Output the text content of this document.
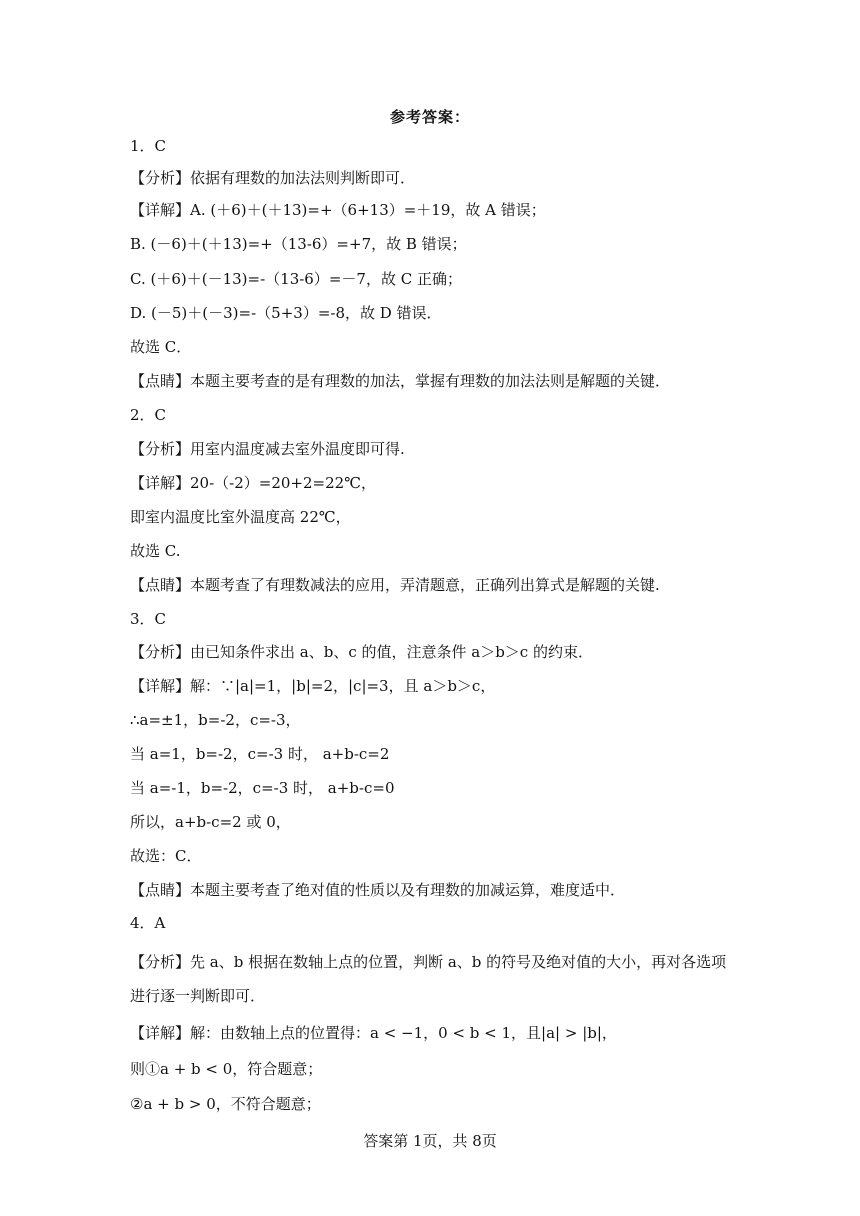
参考答案：
1．C
【分析】依据有理数的加法法则判断即可．
【详解】A. (＋6)＋(＋13)=+（6+13）=＋19，故 A 错误；
B. (－6)＋(＋13)=+（13-6）=+7，故 B 错误；
C. (＋6)＋(－13)=-（13-6）=－7，故 C 正确；
D. (－5)＋(－3)=-（5+3）=-8，故 D 错误．
故选 C．
【点睛】本题主要考查的是有理数的加法，掌握有理数的加法法则是解题的关键．
2．C
【分析】用室内温度减去室外温度即可得.
【详解】20-（-2）=20+2=22℃，
即室内温度比室外温度高 22℃，
故选 C.
【点睛】本题考查了有理数减法的应用，弄清题意，正确列出算式是解题的关键.
3．C
【分析】由已知条件求出 a、b、c 的值，注意条件 a＞b＞c 的约束．
【详解】解：∵|a|=1，|b|=2，|c|=3，且 a＞b＞c，
∴a=±1，b=-2，c=-3，
当 a=1，b=-2，c=-3 时， a+b-c=2
当 a=-1，b=-2，c=-3 时， a+b-c=0
所以，a+b-c=2 或 0，
故选：C．
【点睛】本题主要考查了绝对值的性质以及有理数的加减运算，难度适中．
4．A
【分析】先 a、b 根据在数轴上点的位置，判断 a、b 的符号及绝对值的大小，再对各选项进行逐一判断即可．
【详解】解：由数轴上点的位置得：a < −1，0 < b < 1，且|a| > |b|，
则①a + b < 0，符合题意；
②a + b > 0，不符合题意；
答案第 1页，共 8页
